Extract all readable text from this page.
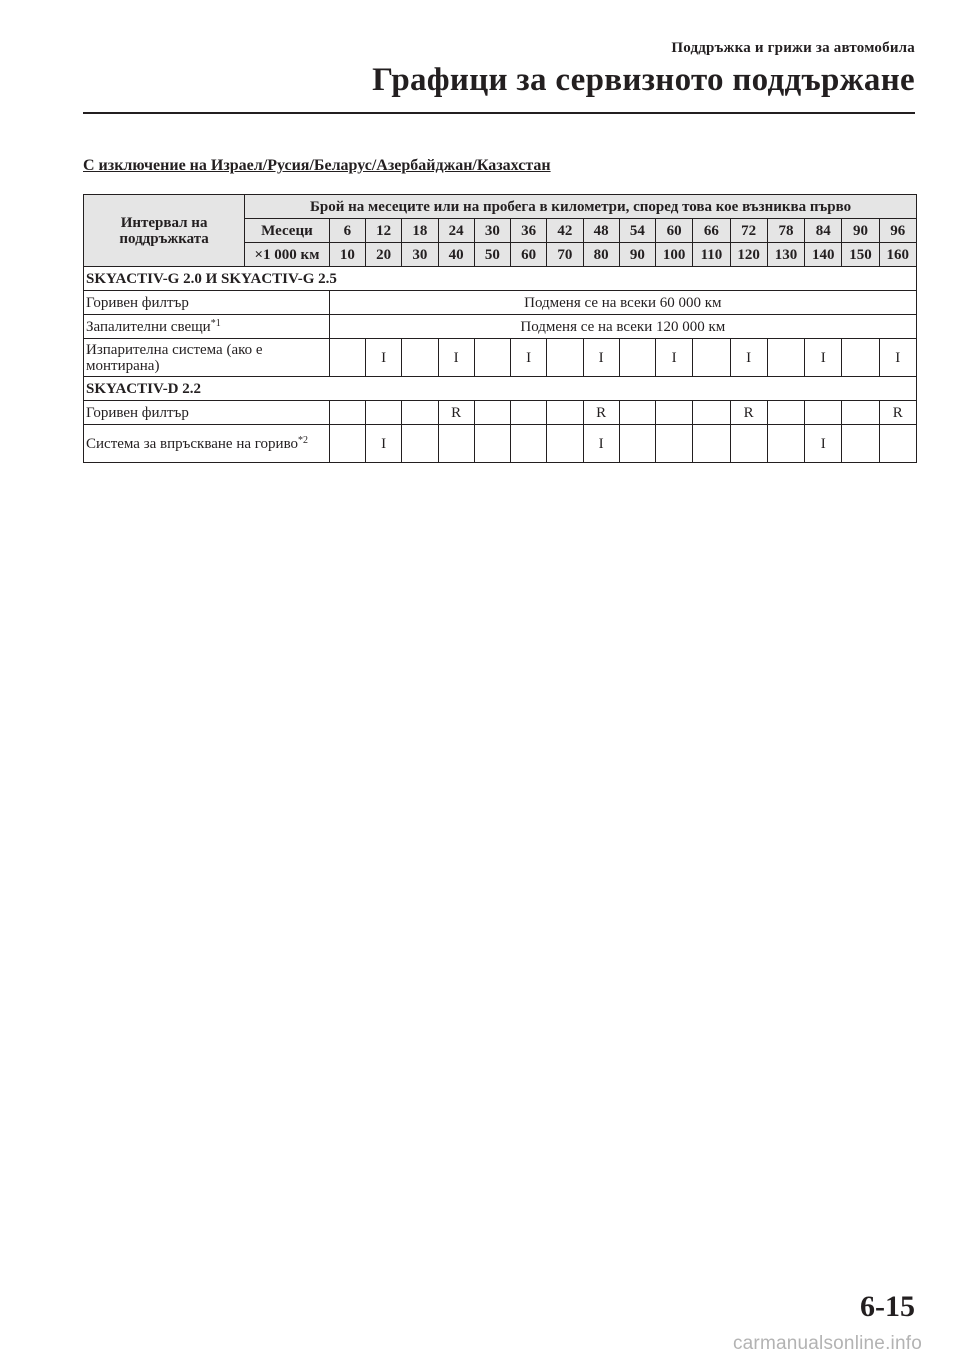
Поддръжка и грижи за автомобила
Графици за сервизното поддържане
С изключение на Израел/Русия/Беларус/Азербайджан/Казахстан
Интервал на поддръжката	Брой на месеците или на пробега в километри, според това кое възниква първо																
	Месеци	6	12	18	24	30	36	42	48	54	60	66	72	78	84	90	96
	×1 000 км	10	20	30	40	50	60	70	80	90	100	110	120	130	140	150	160
SKYACTIV-G 2.0 И SKYACTIV-G 2.5																	
Горивен филтър		Подменя се на всеки 60 000 км															
Запалителни свещи$^{*1}$		Подменя се на всеки 120 000 км															
Изпарителна система (ако е монтирана)			I		I		I		I		I		I		I		I
SKYACTIV-D 2.2																	
Горивен филтър					R				R				R				R
Система за впръскване на гориво$^{*2}$			I						I						I		
6-15
carmanualsonline.info
